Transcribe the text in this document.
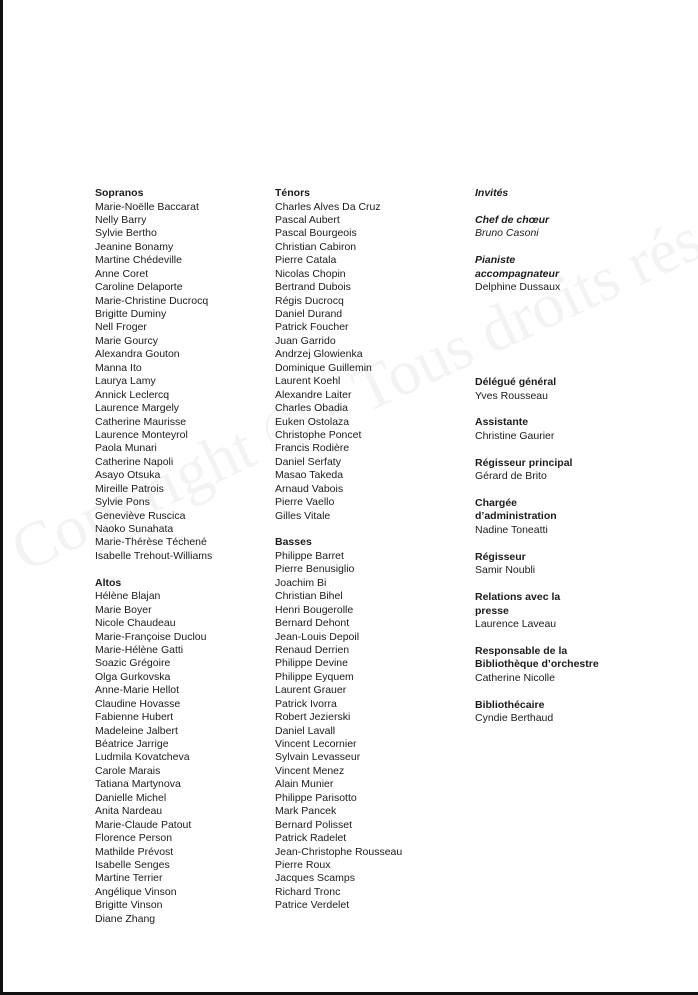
Sopranos
Marie-Noëlle Baccarat
Nelly Barry
Sylvie Bertho
Jeanine Bonamy
Martine Chédeville
Anne Coret
Caroline Delaporte
Marie-Christine Ducrocq
Brigitte Duminy
Nell Froger
Marie Gourcy
Alexandra Gouton
Manna Ito
Laurya Lamy
Annick Leclercq
Laurence Margely
Catherine Maurisse
Laurence Monteyrol
Paola Munari
Catherine Napoli
Asayo Otsuka
Mireille Patrois
Sylvie Pons
Geneviève Ruscica
Naoko Sunahata
Marie-Thérèse Téchené
Isabelle Trehout-Williams
Altos
Hélène Blajan
Marie Boyer
Nicole Chaudeau
Marie-Françoise Duclou
Marie-Hélène Gatti
Soazic Grégoire
Olga Gurkovska
Anne-Marie Hellot
Claudine Hovasse
Fabienne Hubert
Madeleine Jalbert
Béatrice Jarrige
Ludmila Kovatcheva
Carole Marais
Tatiana Martynova
Danielle Michel
Anita Nardeau
Marie-Claude Patout
Florence Person
Mathilde Prévost
Isabelle Senges
Martine Terrier
Angélique Vinson
Brigitte Vinson
Diane Zhang
Ténors
Charles Alves Da Cruz
Pascal Aubert
Pascal Bourgeois
Christian Cabiron
Pierre Catala
Nicolas Chopin
Bertrand Dubois
Régis Ducrocq
Daniel Durand
Patrick Foucher
Juan Garrido
Andrzej Glowienka
Dominique Guillemin
Laurent Koehl
Alexandre Laiter
Charles Obadia
Euken Ostolaza
Christophe Poncet
Francis Rodière
Daniel Serfaty
Masao Takeda
Arnaud Vabois
Pierre Vaello
Gilles Vitale
Basses
Philippe Barret
Pierre Benusiglio
Joachim Bi
Christian Bihel
Henri Bougerolle
Bernard Dehont
Jean-Louis Depoil
Renaud Derrien
Philippe Devine
Philippe Eyquem
Laurent Grauer
Patrick Ivorra
Robert Jezierski
Daniel Lavall
Vincent Lecornier
Sylvain Levasseur
Vincent Menez
Alain Munier
Philippe Parisotto
Mark Pancek
Bernard Polisset
Patrick Radelet
Jean-Christophe Rousseau
Pierre Roux
Jacques Scamps
Richard Tronc
Patrice Verdelet
Invités
Chef de chœur
Bruno Casoni
Pianiste
accompagnateur
Delphine Dussaux
Délégué général
Yves Rousseau
Assistante
Christine Gaurier
Régisseur principal
Gérard de Brito
Chargée
d’administration
Nadine Toneatti
Régisseur
Samir Noubli
Relations avec la
presse
Laurence Laveau
Responsable de la
Bibliothèque d’orchestre
Catherine Nicolle
Bibliothécaire
Cyndie Berthaud
